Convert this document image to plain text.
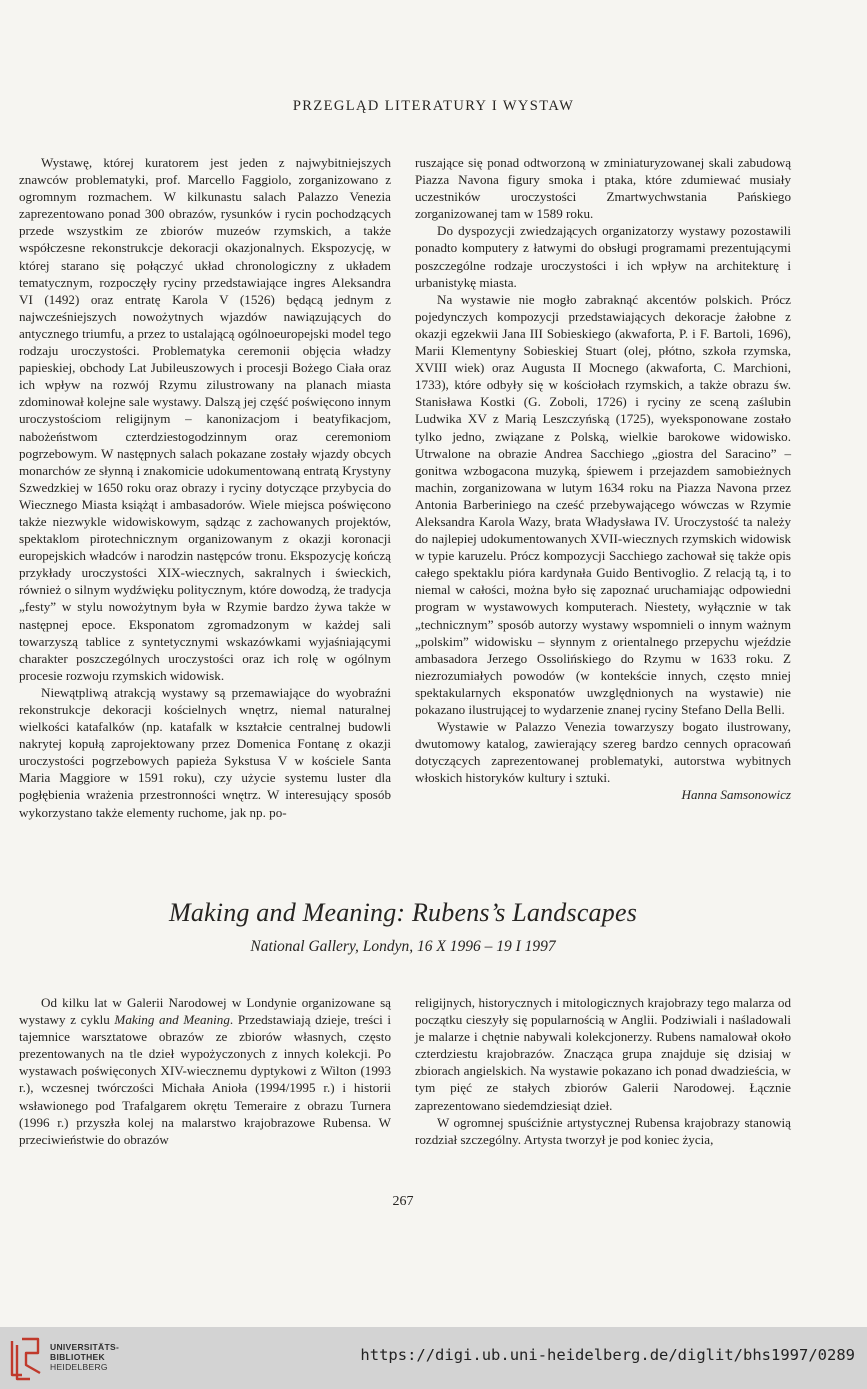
PRZEGLĄD LITERATURY I WYSTAW

Wystawę, której kuratorem jest jeden z najwybitniejszych znawców problematyki, prof. Marcello Faggiolo, zorganizowano z ogromnym rozmachem. W kilkunastu salach Palazzo Venezia zaprezentowano ponad 300 obrazów, rysunków i rycin pochodzących przede wszystkim ze zbiorów muzeów rzymskich, a także współczesne rekonstrukcje dekoracji okazjonalnych. Ekspozycję, w której starano się połączyć układ chronologiczny z układem tematycznym, rozpoczęły ryciny przedstawiające ingres Aleksandra VI (1492) oraz entratę Karola V (1526) będącą jednym z najwcześniejszych nowożytnych wjazdów nawiązujących do antycznego triumfu, a przez to ustalającą ogólnoeuropejski model tego rodzaju uroczystości. Problematyka ceremonii objęcia władzy papieskiej, obchody Lat Jubileuszowych i procesji Bożego Ciała oraz ich wpływ na rozwój Rzymu zilustrowany na planach miasta zdominował kolejne sale wystawy. Dalszą jej część poświęcono innym uroczystościom religijnym – kanonizacjom i beatyfikacjom, nabożeństwom czterdziestogodzinnym oraz ceremoniom pogrzebowym. W następnych salach pokazane zostały wjazdy obcych monarchów ze słynną i znakomicie udokumentowaną entratą Krystyny Szwedzkiej w 1650 roku oraz obrazy i ryciny dotyczące przybycia do Wiecznego Miasta książąt i ambasadorów. Wiele miejsca poświęcono także niezwykle widowiskowym, sądząc z zachowanych projektów, spektaklom pirotechnicznym organizowanym z okazji koronacji europejskich władców i narodzin następców tronu. Ekspozycję kończą przykłady uroczystości XIX-wiecznych, sakralnych i świeckich, również o silnym wydźwięku politycznym, które dowodzą, że tradycja „festy” w stylu nowożytnym była w Rzymie bardzo żywa także w następnej epoce. Eksponatom zgromadzonym w każdej sali towarzyszą tablice z syntetycznymi wskazówkami wyjaśniającymi charakter poszczególnych uroczystości oraz ich rolę w ogólnym procesie rozwoju rzymskich widowisk.

Niewątpliwą atrakcją wystawy są przemawiające do wyobraźni rekonstrukcje dekoracji kościelnych wnętrz, niemal naturalnej wielkości katafalków (np. katafalk w kształcie centralnej budowli nakrytej kopułą zaprojektowany przez Domenica Fontanę z okazji uroczystości pogrzebowych papieża Sykstusa V w kościele Santa Maria Maggiore w 1591 roku), czy użycie systemu luster dla pogłębienia wrażenia przestronności wnętrz. W interesujący sposób wykorzystano także elementy ruchome, jak np. po-

ruszające się ponad odtworzoną w zminiaturyzowanej skali zabudową Piazza Navona figury smoka i ptaka, które zdumiewać musiały uczestników uroczystości Zmartwychwstania Pańskiego zorganizowanej tam w 1589 roku.

Do dyspozycji zwiedzających organizatorzy wystawy pozostawili ponadto komputery z łatwymi do obsługi programami prezentującymi poszczególne rodzaje uroczystości i ich wpływ na architekturę i urbanistykę miasta.

Na wystawie nie mogło zabraknąć akcentów polskich. Prócz pojedynczych kompozycji przedstawiających dekoracje żałobne z okazji egzekwii Jana III Sobieskiego (akwaforta, P. i F. Bartoli, 1696), Marii Klementyny Sobieskiej Stuart (olej, płótno, szkoła rzymska, XVIII wiek) oraz Augusta II Mocnego (akwaforta, C. Marchioni, 1733), które odbyły się w kościołach rzymskich, a także obrazu św. Stanisława Kostki (G. Zoboli, 1726) i ryciny ze sceną zaślubin Ludwika XV z Marią Leszczyńską (1725), wyeksponowane zostało tylko jedno, związane z Polską, wielkie barokowe widowisko. Utrwalone na obrazie Andrea Sacchiego „giostra del Saracino” – gonitwa wzbogacona muzyką, śpiewem i przejazdem samobieżnych machin, zorganizowana w lutym 1634 roku na Piazza Navona przez Antonia Barberiniego na cześć przebywającego wówczas w Rzymie Aleksandra Karola Wazy, brata Władysława IV. Uroczystość ta należy do najlepiej udokumentowanych XVII-wiecznych rzymskich widowisk w typie karuzelu. Prócz kompozycji Sacchiego zachował się także opis całego spektaklu pióra kardynała Guido Bentivoglio. Z relacją tą, i to niemal w całości, można było się zapoznać uruchamiając odpowiedni program w wystawowych komputerach. Niestety, wyłącznie w tak „technicznym” sposób autorzy wystawy wspomnieli o innym ważnym „polskim” widowisku – słynnym z orientalnego przepychu wjeździe ambasadora Jerzego Ossolińskiego do Rzymu w 1633 roku. Z niezrozumiałych powodów (w kontekście innych, często mniej spektakularnych eksponatów uwzględnionych na wystawie) nie pokazano ilustrującej to wydarzenie znanej ryciny Stefano Della Belli.

Wystawie w Palazzo Venezia towarzyszy bogato ilustrowany, dwutomowy katalog, zawierający szereg bardzo cennych opracowań dotyczących zaprezentowanej problematyki, autorstwa wybitnych włoskich historyków kultury i sztuki.

Hanna Samsonowicz

Making and Meaning: Rubens’s Landscapes
National Gallery, Londyn, 16 X 1996 – 19 I 1997

Od kilku lat w Galerii Narodowej w Londynie organizowane są wystawy z cyklu Making and Meaning. Przedstawiają dzieje, treści i tajemnice warsztatowe obrazów ze zbiorów własnych, często prezentowanych na tle dzieł wypożyczonych z innych kolekcji. Po wystawach poświęconych XIV-wiecznemu dyptykowi z Wilton (1993 r.), wczesnej twórczości Michała Anioła (1994/1995 r.) i historii wsławionego pod Trafalgarem okrętu Temeraire z obrazu Turnera (1996 r.) przyszła kolej na malarstwo krajobrazowe Rubensa. W przeciwieństwie do obrazów

religijnych, historycznych i mitologicznych krajobrazy tego malarza od początku cieszyły się popularnością w Anglii. Podziwiali i naśladowali je malarze i chętnie nabywali kolekcjonerzy. Rubens namalował około czterdziestu krajobrazów. Znacząca grupa znajduje się dzisiaj w zbiorach angielskich. Na wystawie pokazano ich ponad dwadzieścia, w tym pięć ze stałych zbiorów Galerii Narodowej. Łącznie zaprezentowano siedemdziesiąt dzieł.

W ogromnej spuściźnie artystycznej Rubensa krajobrazy stanowią rozdział szczególny. Artysta tworzył je pod koniec życia,

267
UNIVERSITÄTS-
BIBLIOTHEK
HEIDELBERG
https://digi.ub.uni-heidelberg.de/diglit/bhs1997/0289
